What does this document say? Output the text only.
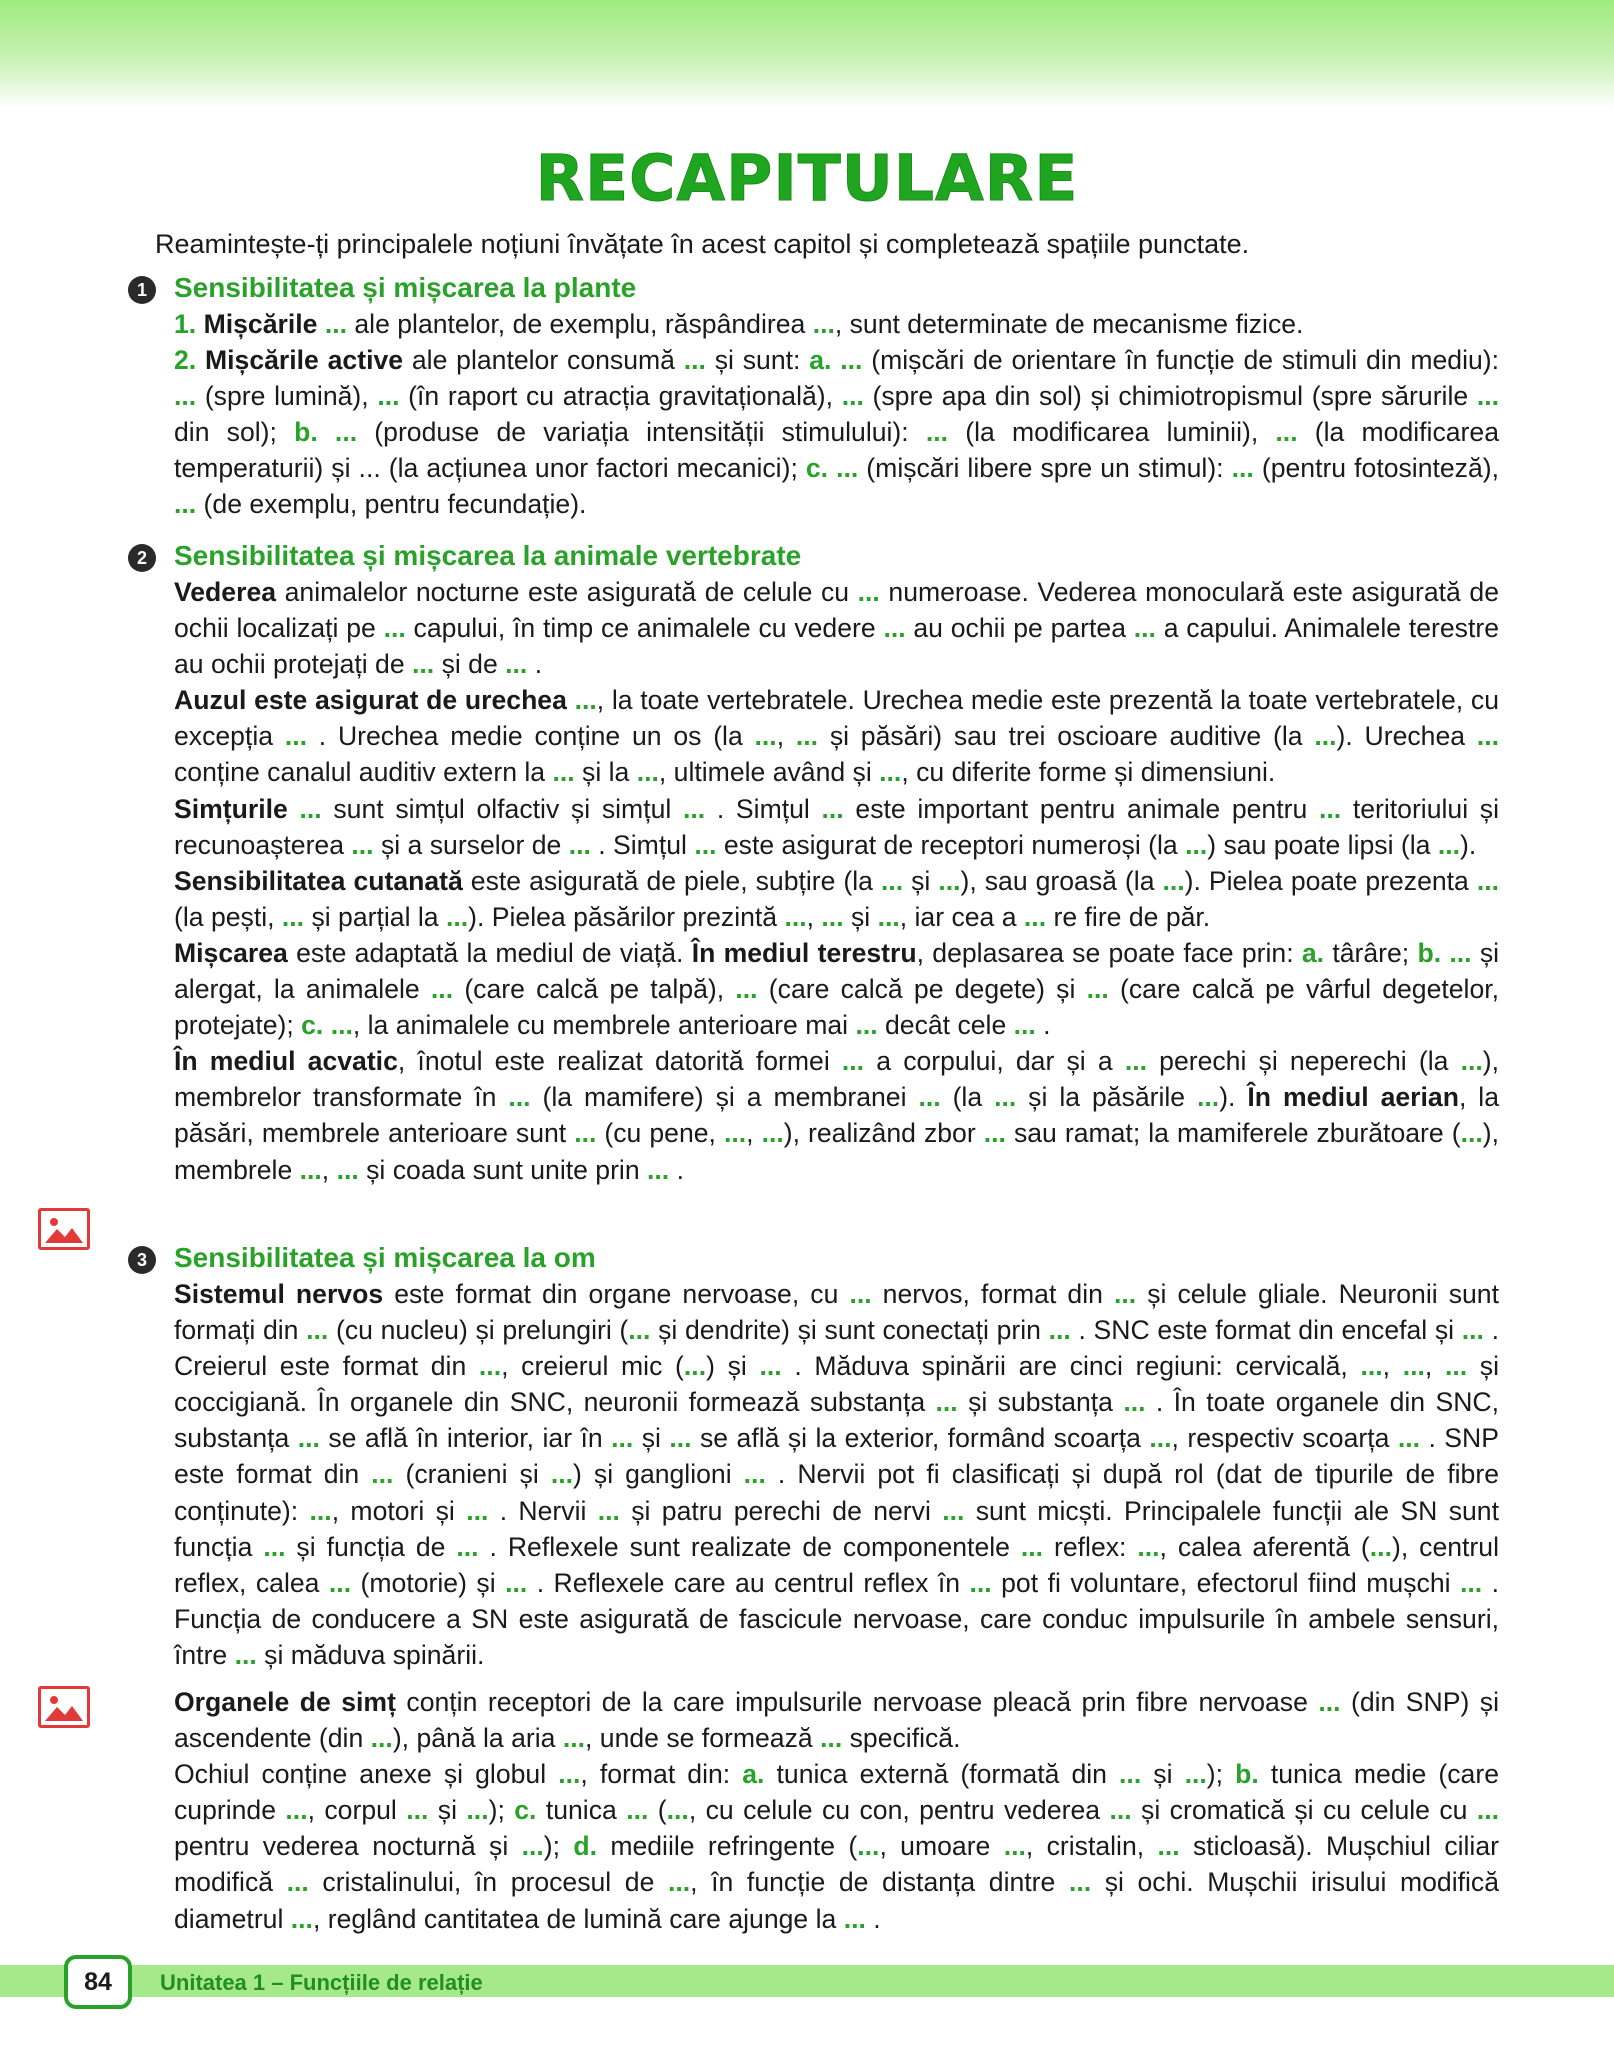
RECAPITULARE
Reamintește-ți principalele noțiuni învățate în acest capitol și completează spațiile punctate.
1 Sensibilitatea și mișcarea la plante

1. Mișcările ... ale plantelor, de exemplu, răspândirea ..., sunt determinate de mecanisme fizice.

2. Mișcările active ale plantelor consumă ... și sunt: a. ... (mișcări de orientare în funcție de stimuli din mediu): ... (spre lumină), ... (în raport cu atracția gravitațională), ... (spre apa din sol) și chimiotropismul (spre sărurile ... din sol); b. ... (produse de variația intensității stimulului): ... (la modificarea luminii), ... (la modificarea temperaturii) și ... (la acțiunea unor factori mecanici); c. ... (mișcări libere spre un stimul): ... (pentru fotosinteză), ... (de exemplu, pentru fecundație).

2 Sensibilitatea și mișcarea la animale vertebrate

Vederea animalelor nocturne este asigurată de celule cu ... numeroase. Vederea monoculară este asigurată de ochii localizați pe ... capului, în timp ce animalele cu vedere ... au ochii pe partea ... a capului. Animalele terestre au ochii protejați de ... și de ... .

Auzul este asigurat de urechea ..., la toate vertebratele. Urechea medie este prezentă la toate vertebratele, cu excepția ... . Urechea medie conține un os (la ..., ... și păsări) sau trei oscioare auditive (la ...). Urechea ... conține canalul auditiv extern la ... și la ..., ultimele având și ..., cu diferite forme și dimensiuni.

Simțurile ... sunt simțul olfactiv și simțul ... . Simțul ... este important pentru animale pentru ... teritoriului și recunoașterea ... și a surselor de ... . Simțul ... este asigurat de receptori numeroși (la ...) sau poate lipsi (la ...).

Sensibilitatea cutanată este asigurată de piele, subțire (la ... și ...), sau groasă (la ...). Pielea poate prezenta ... (la pești, ... și parțial la ...). Pielea păsărilor prezintă ..., ... și ..., iar cea a ... re fire de păr.

Mișcarea este adaptată la mediul de viață. În mediul terestru, deplasarea se poate face prin: a. târâre; b. ... și alergat, la animalele ... (care calcă pe talpă), ... (care calcă pe degete) și ... (care calcă pe vârful degetelor, protejate); c. ..., la animalele cu membrele anterioare mai ... decât cele ... .

În mediul acvatic, înotul este realizat datorită formei ... a corpului, dar și a ... perechi și neperechi (la ...), membrelor transformate în ... (la mamifere) și a membranei ... (la ... și la păsările ...). În mediul aerian, la păsări, membrele anterioare sunt ... (cu pene, ..., ...), realizând zbor ... sau ramat; la mamiferele zburătoare (...), membrele ..., ... și coada sunt unite prin ... .

3 Sensibilitatea și mișcarea la om

Sistemul nervos este format din organe nervoase, cu ... nervos, format din ... și celule gliale. Neuronii sunt formați din ... (cu nucleu) și prelungiri (... și dendrite) și sunt conectați prin ... . SNC este format din encefal și ... . Creierul este format din ..., creierul mic (...) și ... . Măduva spinării are cinci regiuni: cervicală, ..., ..., ... și coccigiană. În organele din SNC, neuronii formează substanța ... și substanța ... . În toate organele din SNC, substanța ... se află în interior, iar în ... și ... se află și la exterior, formând scoarța ..., respectiv scoarța ... . SNP este format din ... (cranieni și ...) și ganglioni ... . Nervii pot fi clasificați și după rol (dat de tipurile de fibre conținute): ..., motori și ... . Nervii ... și patru perechi de nervi ... sunt micști. Principalele funcții ale SN sunt funcția ... și funcția de ... . Reflexele sunt realizate de componentele ... reflex: ..., calea aferentă (...), centrul reflex, calea ... (motorie) și ... . Reflexele care au centrul reflex în ... pot fi voluntare, efectorul fiind mușchi ... . Funcția de conducere a SN este asigurată de fascicule nervoase, care conduc impulsurile în ambele sensuri, între ... și măduva spinării.

Organele de simț conțin receptori de la care impulsurile nervoase pleacă prin fibre nervoase ... (din SNP) și ascendente (din ...), până la aria ..., unde se formează ... specifică.

Ochiul conține anexe și globul ..., format din: a. tunica externă (formată din ... și ...); b. tunica medie (care cuprinde ..., corpul ... și ...); c. tunica ... (..., cu celule cu con, pentru vederea ... și cromatică și cu celule cu ... pentru vederea nocturnă și ...); d. mediile refringente (..., umoare ..., cristalin, ... sticloasă). Mușchiul ciliar modifică ... cristalinului, în procesul de ..., în funcție de distanța dintre ... și ochi. Mușchii irisului modifică diametrul ..., reglând cantitatea de lumină care ajunge la ... .

84	Unitatea 1 – Funcțiile de relație
